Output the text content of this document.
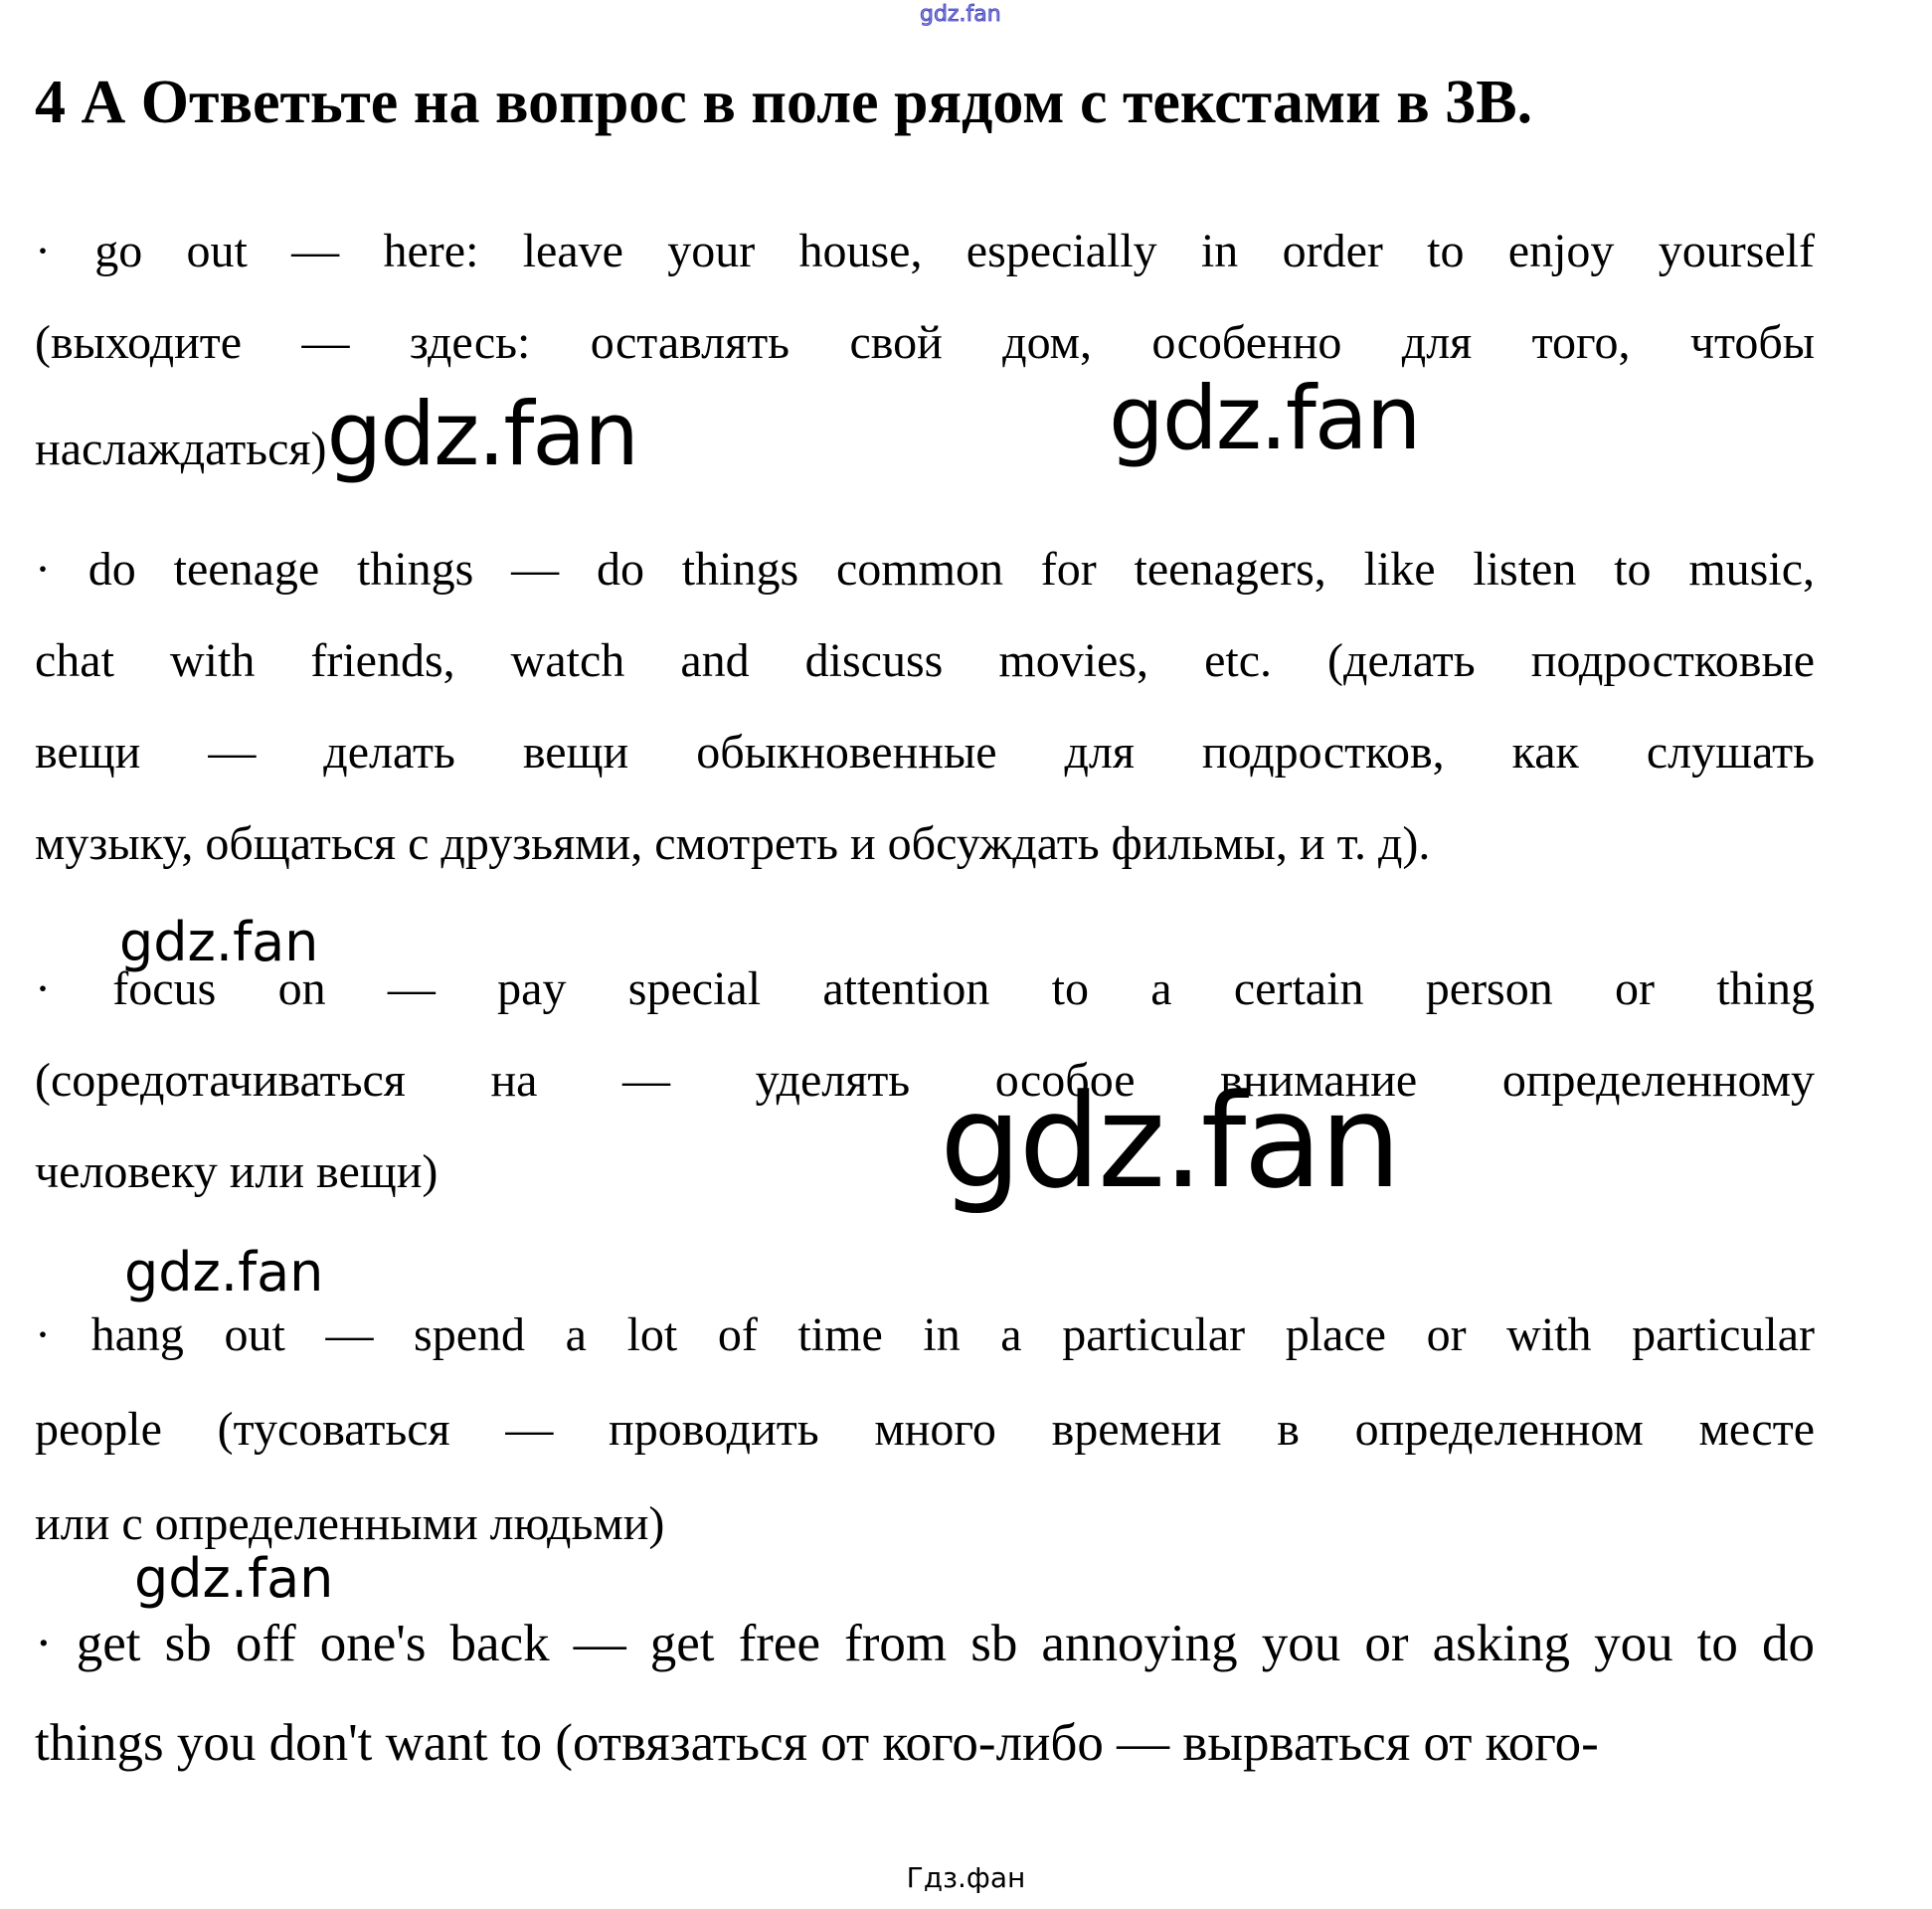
gdz.fan
4 А Ответьте на вопрос в поле рядом с текстами в 3В.
· go out — here: leave your house, especially in order to enjoy yourself
(выходите — здесь: оставлять свой дом, особенно для того, чтобы
наслаждаться)gdz.fan	gdz.fan
· do teenage things — do things common for teenagers, like listen to music,
chat with friends, watch and discuss movies, etc. (делать подростковые
вещи — делать вещи обыкновенные для подростков, как слушать
музыку, общаться с друзьями, смотреть и обсуждать фильмы, и т. д).
gdz.fan
· focus on — pay special attention to a certain person or thing
(соредотачиваться на — уделять особое внимание определенному
человеку или вещи)	gdz.fan
gdz.fan
· hang out — spend a lot of time in a particular place or with particular
people (тусоваться — проводить много времени в определенном месте
или с определенными людьми)
gdz.fan
· get sb off one's back — get free from sb annoying you or asking you to do
things you don't want to (отвязаться от кого-либо — вырваться от кого-
Гдз.фан
